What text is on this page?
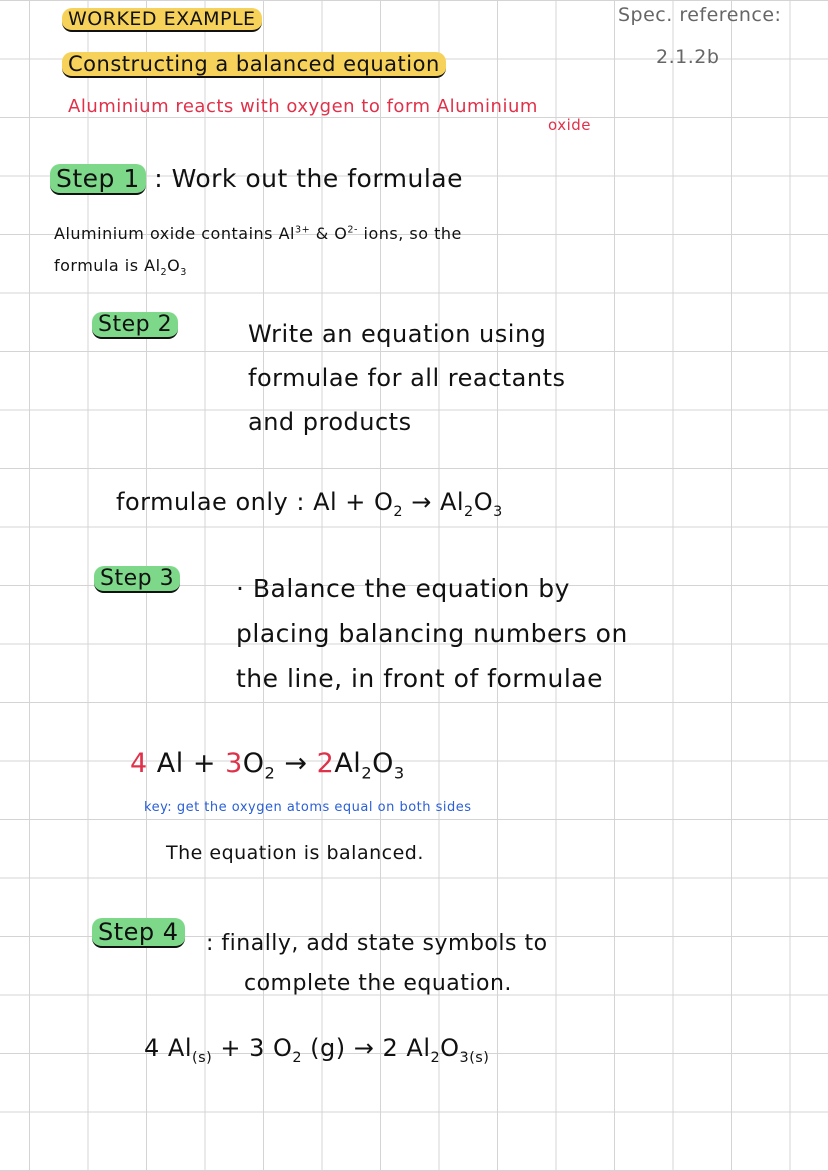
WORKED EXAMPLE
Constructing a balanced equation
Spec. reference:
2.1.2b
Aluminium reacts with oxygen to form Aluminium
oxide
Step 1 : Work out the formulae
Aluminium oxide contains $Al^{3+}$ & $O^{2-}$ ions, so the
formula is $Al_2O_3$
Step 2	Write an equation using
formulae for all reactants
and products
formulae only : $Al + O_2 \to Al_2O_3$
Step 3 · Balance the equation by
placing balancing numbers on
the line, in front of formulae
4 $Al + 3O_2 \to 2Al_2O_3$
key: get the oxygen atoms equal on both sides
The equation is balanced.
Step 4 : finally, add state symbols to
complete the equation.
4 $Al_{(s)} + 3$ $O_2$ (g) → 2 $Al_2O_{3(s)}$
